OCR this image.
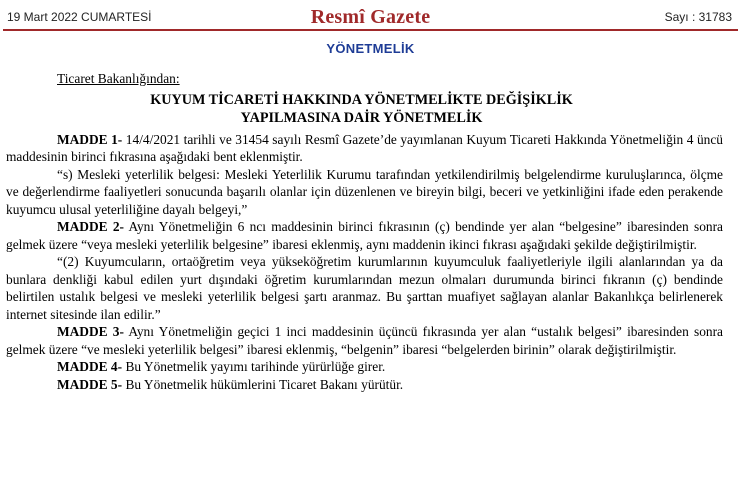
19 Mart 2022 CUMARTESİ	Resmî Gazete	Sayı : 31783
YÖNETMELİK

Ticaret Bakanlığından:

KUYUM TİCARETİ HAKKINDA YÖNETMELİKTE DEĞİŞİKLİK
YAPILMASINA DAİR YÖNETMELİK

MADDE 1- 14/4/2021 tarihli ve 31454 sayılı Resmî Gazete’de yayımlanan Kuyum Ticareti Hakkında Yönetmeliğin 4 üncü maddesinin birinci fıkrasına aşağıdaki bent eklenmiştir.

“s) Mesleki yeterlilik belgesi: Mesleki Yeterlilik Kurumu tarafından yetkilendirilmiş belgelendirme kuruluşlarınca, ölçme ve değerlendirme faaliyetleri sonucunda başarılı olanlar için düzenlenen ve bireyin bilgi, beceri ve yetkinliğini ifade eden perakende kuyumcu ulusal yeterliliğine dayalı belgeyi,”

MADDE 2- Aynı Yönetmeliğin 6 ncı maddesinin birinci fıkrasının (ç) bendinde yer alan “belgesine” ibaresinden sonra gelmek üzere “veya mesleki yeterlilik belgesine” ibaresi eklenmiş, aynı maddenin ikinci fıkrası aşağıdaki şekilde değiştirilmiştir.

“(2) Kuyumcuların, ortaöğretim veya yükseköğretim kurumlarının kuyumculuk faaliyetleriyle ilgili alanlarından ya da bunlara denkliği kabul edilen yurt dışındaki öğretim kurumlarından mezun olmaları durumunda birinci fıkranın (ç) bendinde belirtilen ustalık belgesi ve mesleki yeterlilik belgesi şartı aranmaz. Bu şarttan muafiyet sağlayan alanlar Bakanlıkça belirlenerek internet sitesinde ilan edilir.”

MADDE 3- Aynı Yönetmeliğin geçici 1 inci maddesinin üçüncü fıkrasında yer alan “ustalık belgesi” ibaresinden sonra gelmek üzere “ve mesleki yeterlilik belgesi” ibaresi eklenmiş, “belgenin” ibaresi “belgelerden birinin” olarak değiştirilmiştir.

MADDE 4- Bu Yönetmelik yayımı tarihinde yürürlüğe girer.

MADDE 5- Bu Yönetmelik hükümlerini Ticaret Bakanı yürütür.
